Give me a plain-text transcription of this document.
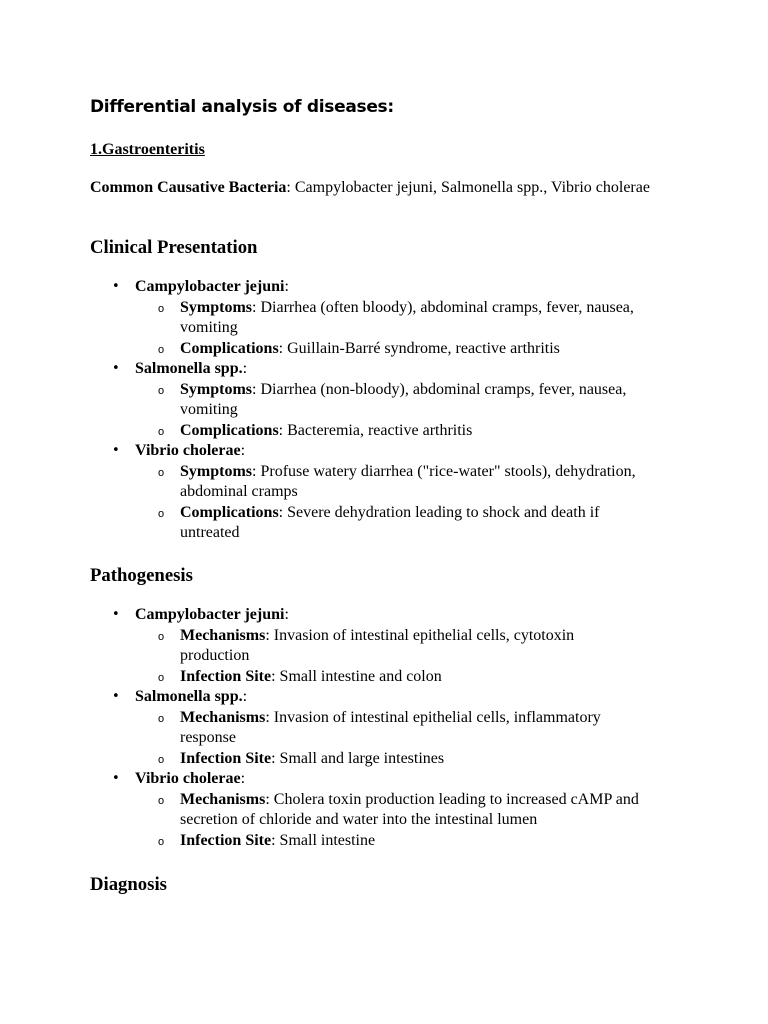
Differential analysis of diseases:
1.Gastroenteritis

Common Causative Bacteria: Campylobacter jejuni, Salmonella spp., Vibrio cholerae

Clinical Presentation
• Campylobacter jejuni:
o Symptoms: Diarrhea (often bloody), abdominal cramps, fever, nausea, vomiting
o Complications: Guillain-Barré syndrome, reactive arthritis
• Salmonella spp.:
o Symptoms: Diarrhea (non-bloody), abdominal cramps, fever, nausea, vomiting
o Complications: Bacteremia, reactive arthritis
• Vibrio cholerae:
o Symptoms: Profuse watery diarrhea ("rice-water" stools), dehydration, abdominal cramps
o Complications: Severe dehydration leading to shock and death if untreated
Pathogenesis
• Campylobacter jejuni:
o Mechanisms: Invasion of intestinal epithelial cells, cytotoxin production
o Infection Site: Small intestine and colon
• Salmonella spp.:
o Mechanisms: Invasion of intestinal epithelial cells, inflammatory response
o Infection Site: Small and large intestines
• Vibrio cholerae:
o Mechanisms: Cholera toxin production leading to increased cAMP and secretion of chloride and water into the intestinal lumen
o Infection Site: Small intestine
Diagnosis
